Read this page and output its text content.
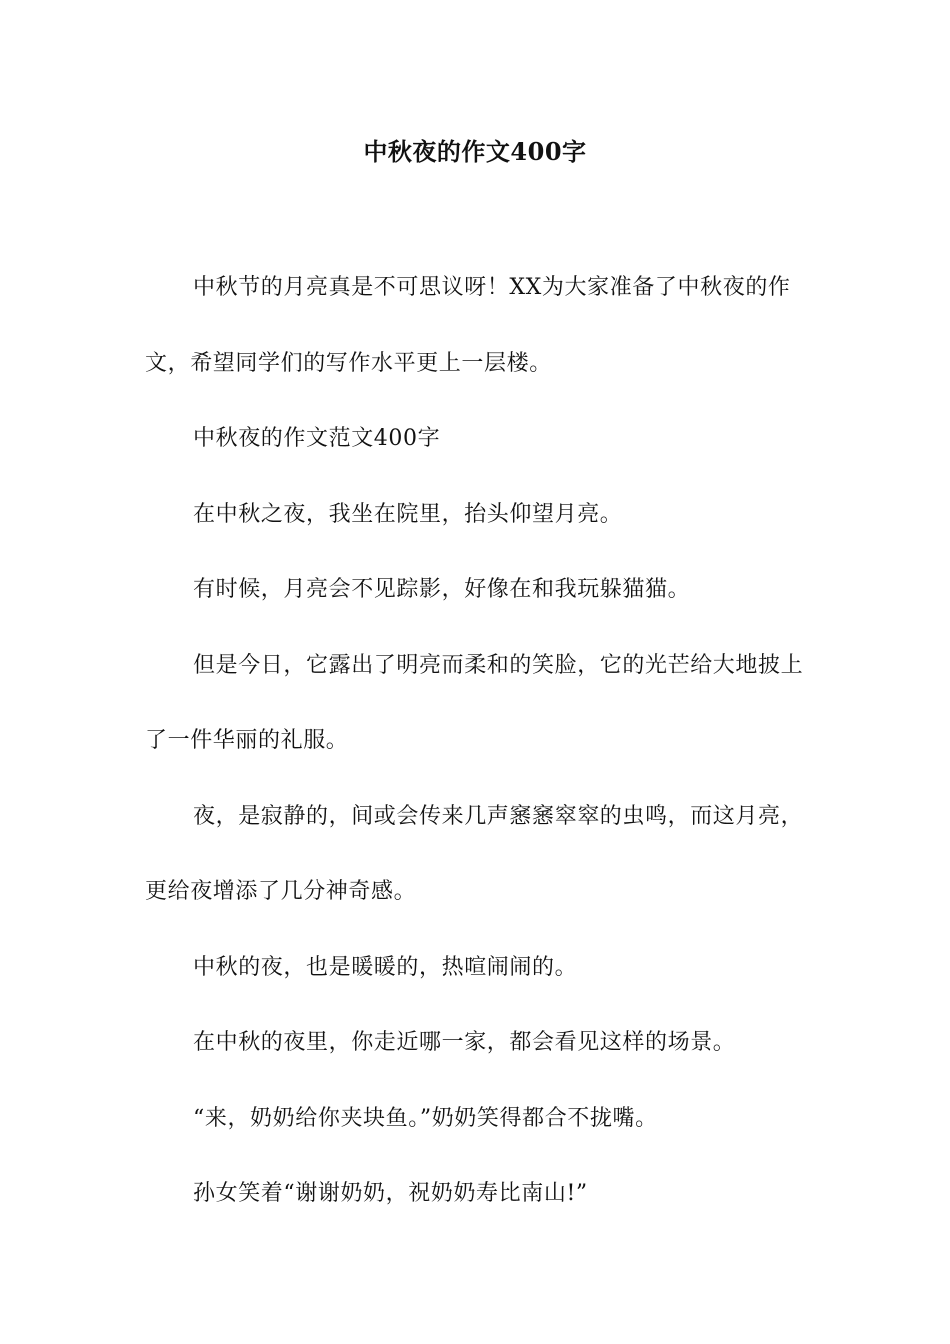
中秋夜的作文400字

中秋节的月亮真是不可思议呀！XX为大家准备了中秋夜的作文，希望同学们的写作水平更上一层楼。

中秋夜的作文范文400字

在中秋之夜，我坐在院里，抬头仰望月亮。

有时候，月亮会不见踪影，好像在和我玩躲猫猫。

但是今日，它露出了明亮而柔和的笑脸，它的光芒给大地披上了一件华丽的礼服。

夜，是寂静的，间或会传来几声窸窸窣窣的虫鸣，而这月亮，更给夜增添了几分神奇感。

中秋的夜，也是暖暖的，热喧闹闹的。

在中秋的夜里，你走近哪一家，都会看见这样的场景。

“来，奶奶给你夹块鱼。”奶奶笑得都合不拢嘴。

孙女笑着“谢谢奶奶，祝奶奶寿比南山!”
